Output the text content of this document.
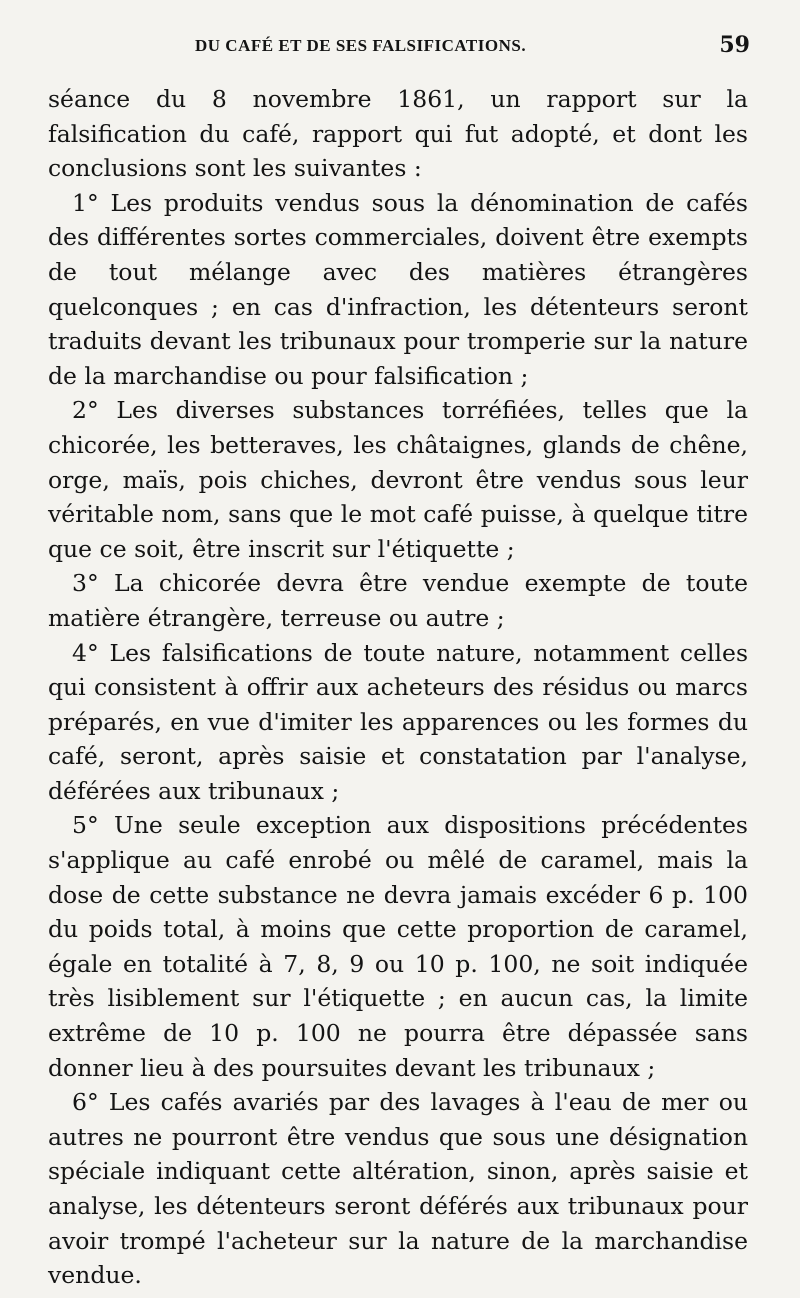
DU CAFÉ ET DE SES FALSIFICATIONS.	59

séance du 8 novembre 1861, un rapport sur la falsification du café, rapport qui fut adopté, et dont les conclusions sont les suivantes :

1° Les produits vendus sous la dénomination de cafés des différentes sortes commerciales, doivent être exempts de tout mélange avec des matières étrangères quelconques ; en cas d'infraction, les détenteurs seront traduits devant les tribunaux pour tromperie sur la nature de la marchandise ou pour falsification ;

2° Les diverses substances torréfiées, telles que la chicorée, les betteraves, les châtaignes, glands de chêne, orge, maïs, pois chiches, devront être vendus sous leur véritable nom, sans que le mot café puisse, à quelque titre que ce soit, être inscrit sur l'étiquette ;

3° La chicorée devra être vendue exempte de toute matière étrangère, terreuse ou autre ;

4° Les falsifications de toute nature, notamment celles qui consistent à offrir aux acheteurs des résidus ou marcs préparés, en vue d'imiter les apparences ou les formes du café, seront, après saisie et constatation par l'analyse, déférées aux tribunaux ;

5° Une seule exception aux dispositions précédentes s'applique au café enrobé ou mêlé de caramel, mais la dose de cette substance ne devra jamais excéder 6 p. 100 du poids total, à moins que cette proportion de caramel, égale en totalité à 7, 8, 9 ou 10 p. 100, ne soit indiquée très lisiblement sur l'étiquette ; en aucun cas, la limite extrême de 10 p. 100 ne pourra être dépassée sans donner lieu à des poursuites devant les tribunaux ;

6° Les cafés avariés par des lavages à l'eau de mer ou autres ne pourront être vendus que sous une désignation spéciale indiquant cette altération, sinon, après saisie et analyse, les détenteurs seront déférés aux tribunaux pour avoir trompé l'acheteur sur la nature de la marchandise vendue.
